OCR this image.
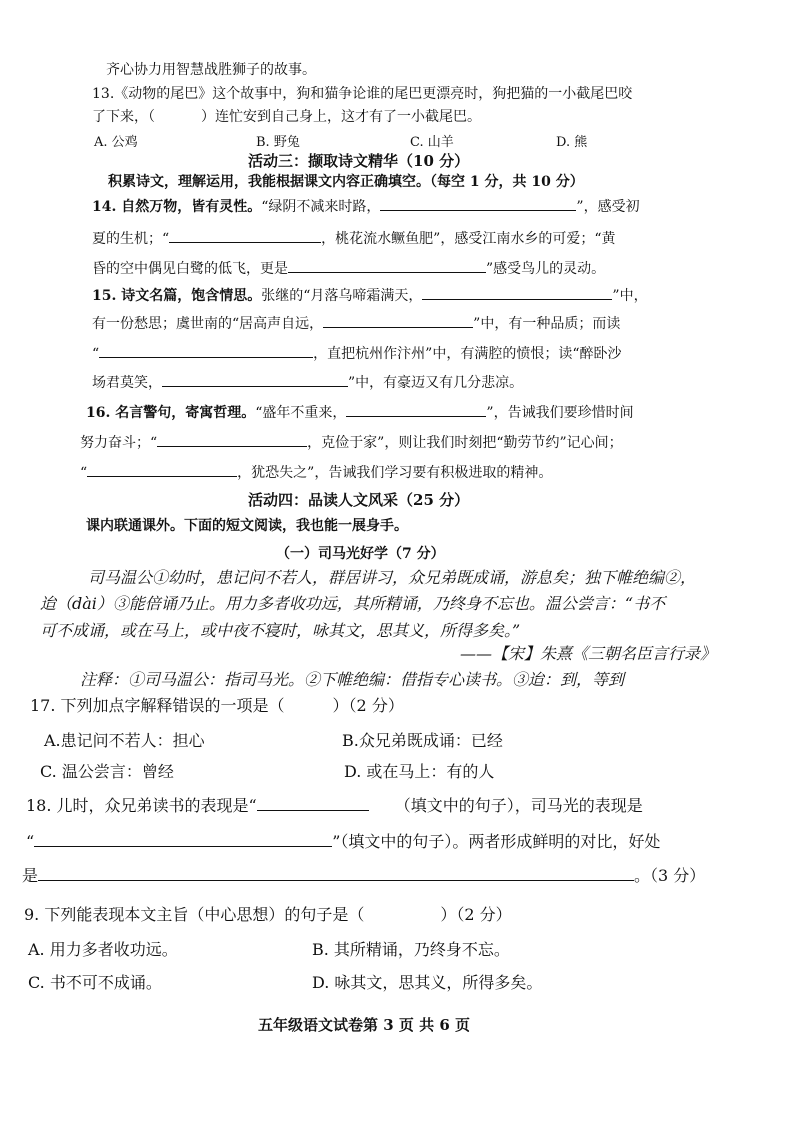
齐心协力用智慧战胜狮子的故事。
13.《动物的尾巴》这个故事中，狗和猫争论谁的尾巴更漂亮时，狗把猫的一小截尾巴咬
了下来，（	）连忙安到自己身上，这才有了一小截尾巴。
A. 公鸡	B. 野兔	C. 山羊	D. 熊
活动三：撷取诗文精华（10 分）
积累诗文，理解运用，我能根据课文内容正确填空。（每空 1 分，共 10 分）
14. 自然万物，皆有灵性。“绿阴不减来时路，	”，感受初
夏的生机；“	，桃花流水鳜鱼肥”，感受江南水乡的可爱；“黄
昏的空中偶见白鹭的低飞，更是	”感受鸟儿的灵动。
15. 诗文名篇，饱含情思。张继的“月落乌啼霜满天，	”中，
有一份愁思；虞世南的“居高声自远，	”中，有一种品质；而读
“	，直把杭州作汴州”中，有满腔的愤恨；读“醉卧沙
场君莫笑，	”中，有豪迈又有几分悲凉。
16. 名言警句，寄寓哲理。“盛年不重来，	”，告诫我们要珍惜时间
努力奋斗；“	，克俭于家”，则让我们时刻把“勤劳节约”记心间；
“	，犹恐失之”，告诫我们学习要有积极进取的精神。
活动四：品读人文风采（25 分）
课内联通课外。下面的短文阅读，我也能一展身手。
（一）司马光好学（7 分）
司马温公①幼时，患记问不若人，群居讲习，众兄弟既成诵，游息矣；独下帷绝编②，
迨（dài）③能倍诵乃止。用力多者收功远，其所精诵，乃终身不忘也。温公尝言：“书不
可不成诵，或在马上，或中夜不寝时，咏其文，思其义，所得多矣。”
——【宋】朱熹《三朝名臣言行录》
注释：①司马温公：指司马光。②下帷绝编：借指专心读书。③迨：到，等到
17. 下列加点字解释错误的一项是（	）（2 分）
A.患记问不若人：担心	B.众兄弟既成诵：已经
C. 温公尝言：曾经	D. 或在马上：有的人
18. 儿时，众兄弟读书的表现是“	（填文中的句子），司马光的表现是
“	”（填文中的句子）。两者形成鲜明的对比，好处
是	。（3 分）
9. 下列能表现本文主旨（中心思想）的句子是（	）（2 分）
A. 用力多者收功远。	B. 其所精诵，乃终身不忘。
C. 书不可不成诵。	D. 咏其文，思其义，所得多矣。
五年级语文试卷第 3 页 共 6 页
